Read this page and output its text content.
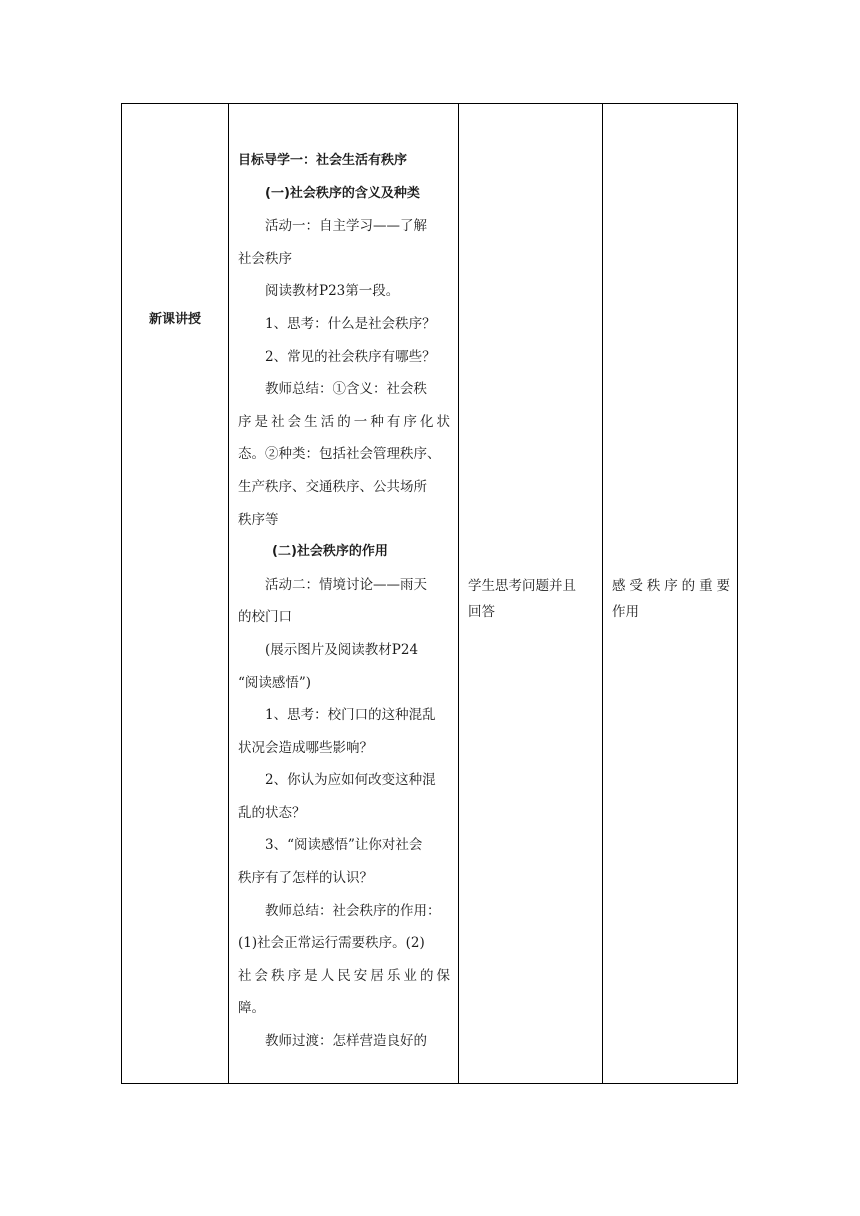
新课讲授
目标导学一：社会生活有秩序
(一)社会秩序的含义及种类
活动一：自主学习——了解
社会秩序
阅读教材P23第一段。
1、思考：什么是社会秩序？
2、常见的社会秩序有哪些？
教师总结：①含义：社会秩
序是社会生活的一种有序化状
态。②种类：包括社会管理秩序、
生产秩序、交通秩序、公共场所
秩序等
(二)社会秩序的作用
活动二：情境讨论——雨天
的校门口
(展示图片及阅读教材P24
“阅读感悟”)
1、思考：校门口的这种混乱
状况会造成哪些影响？
2、你认为应如何改变这种混
乱的状态？
3、“阅读感悟”让你对社会
秩序有了怎样的认识？
教师总结：社会秩序的作用：
(1)社会正常运行需要秩序。(2)
社会秩序是人民安居乐业的保
障。
教师过渡：怎样营造良好的
学生思考问题并且
回答
感受秩序的重要
作用
